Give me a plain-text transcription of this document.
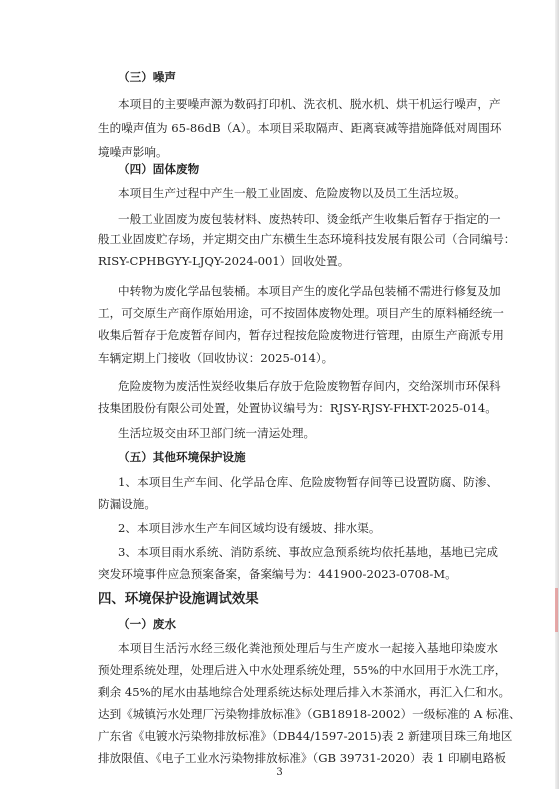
（三）噪声
本项目的主要噪声源为数码打印机、洗衣机、脱水机、烘干机运行噪声，产
生的噪声值为 65-86dB（A）。本项目采取隔声、距离衰减等措施降低对周围环
境噪声影响。
（四）固体废物
本项目生产过程中产生一般工业固废、危险废物以及员工生活垃圾。
一般工业固废为废包装材料、废热转印、烫金纸产生收集后暂存于指定的一
般工业固废贮存场，并定期交由广东横生生态环境科技发展有限公司（合同编号：
RISY-CPHBGYY-LJQY-2024-001）回收处置。
中转物为废化学品包装桶。本项目产生的废化学品包装桶不需进行修复及加
工，可交原生产商作原始用途，可不按固体废物处理。项目产生的原料桶经统一
收集后暂存于危废暂存间内，暂存过程按危险废物进行管理，由原生产商派专用
车辆定期上门接收（回收协议：2025-014）。
危险废物为废活性炭经收集后存放于危险废物暂存间内，交给深圳市环保科
技集团股份有限公司处置，处置协议编号为：RJSY-RJSY-FHXT-2025-014。
生活垃圾交由环卫部门统一清运处理。
（五）其他环境保护设施
1、本项目生产车间、化学品仓库、危险废物暂存间等已设置防腐、防渗、
防漏设施。
2、本项目涉水生产车间区域均设有缓坡、排水渠。
3、本项目雨水系统、消防系统、事故应急预系统均依托基地，基地已完成
突发环境事件应急预案备案，备案编号为：441900-2023-0708-M。
四、环境保护设施调试效果
（一）废水
本项目生活污水经三级化粪池预处理后与生产废水一起接入基地印染废水
预处理系统处理，处理后进入中水处理系统处理，55%的中水回用于水洗工序，
剩余 45%的尾水由基地综合处理系统达标处理后排入木茶涌水，再汇入仁和水。
达到《城镇污水处理厂污染物排放标准》（GB18918-2002）一级标准的 A 标准、
广东省《电镀水污染物排放标准》（DB44/1597-2015)表 2 新建项目珠三角地区
排放限值、《电子工业水污染物排放标准》（GB 39731-2020）表 1 印刷电路板
3
